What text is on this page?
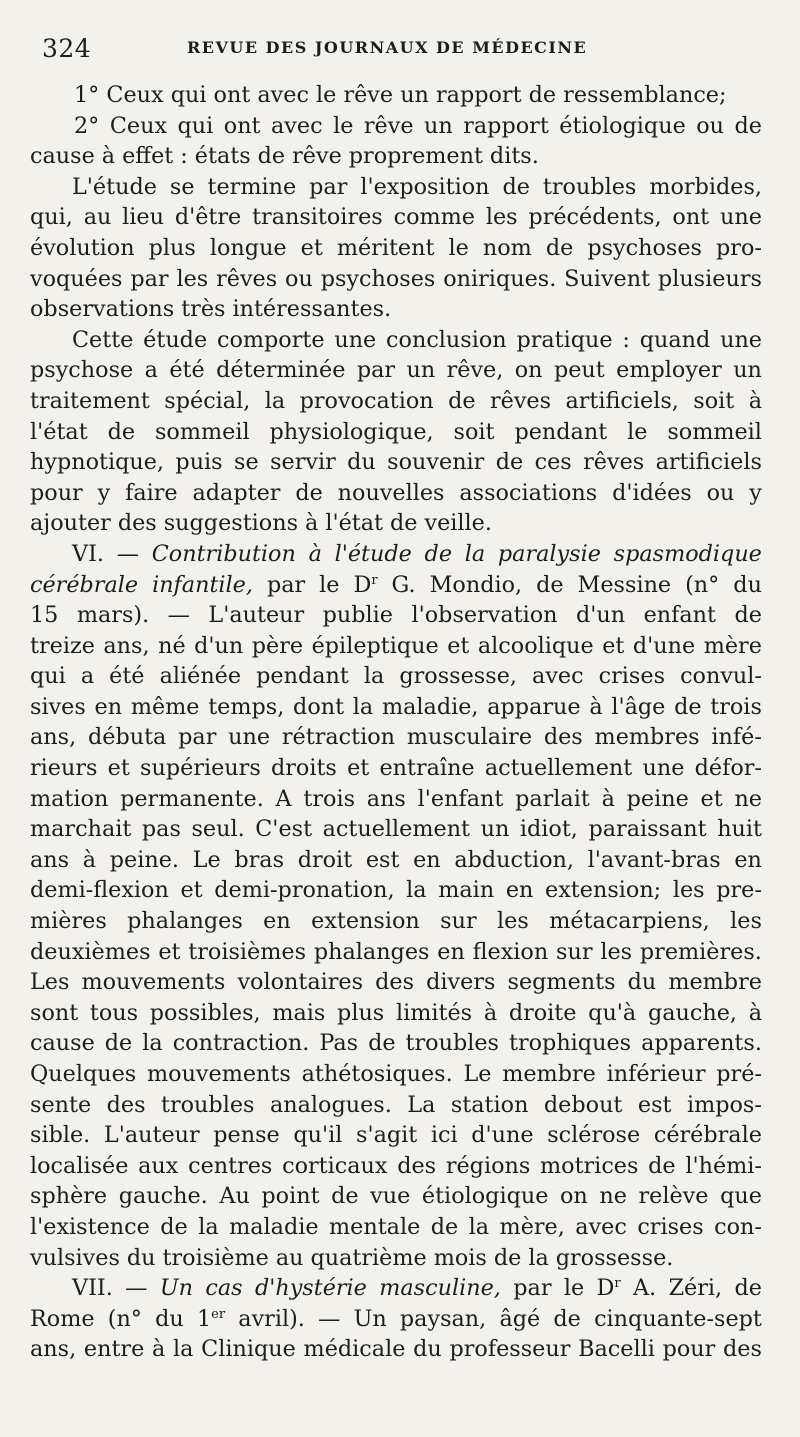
324	REVUE DES JOURNAUX DE MÉDECINE
1° Ceux qui ont avec le rêve un rapport de ressemblance;
2° Ceux qui ont avec le rêve un rapport étiologique ou de
cause à effet : états de rêve proprement dits.
L'étude se termine par l'exposition de troubles morbides,
qui, au lieu d'être transitoires comme les précédents, ont une
évolution plus longue et méritent le nom de psychoses pro-
voquées par les rêves ou psychoses oniriques. Suivent plusieurs
observations très intéressantes.
Cette étude comporte une conclusion pratique : quand une
psychose a été déterminée par un rêve, on peut employer un
traitement spécial, la provocation de rêves artificiels, soit à
l'état de sommeil physiologique, soit pendant le sommeil
hypnotique, puis se servir du souvenir de ces rêves artificiels
pour y faire adapter de nouvelles associations d'idées ou y
ajouter des suggestions à l'état de veille.
VI. — Contribution à l'étude de la paralysie spasmodique
cérébrale infantile, par le $D^r$ G. Mondio, de Messine (n° du
15 mars). — L'auteur publie l'observation d'un enfant de
treize ans, né d'un père épileptique et alcoolique et d'une mère
qui a été aliénée pendant la grossesse, avec crises convul-
sives en même temps, dont la maladie, apparue à l'âge de trois
ans, débuta par une rétraction musculaire des membres infé-
rieurs et supérieurs droits et entraîne actuellement une défor-
mation permanente. A trois ans l'enfant parlait à peine et ne
marchait pas seul. C'est actuellement un idiot, paraissant huit
ans à peine. Le bras droit est en abduction, l'avant-bras en
demi-flexion et demi-pronation, la main en extension; les pre-
mières phalanges en extension sur les métacarpiens, les
deuxièmes et troisièmes phalanges en flexion sur les premières.
Les mouvements volontaires des divers segments du membre
sont tous possibles, mais plus limités à droite qu'à gauche, à
cause de la contraction. Pas de troubles trophiques apparents.
Quelques mouvements athétosiques. Le membre inférieur pré-
sente des troubles analogues. La station debout est impos-
sible. L'auteur pense qu'il s'agit ici d'une sclérose cérébrale
localisée aux centres corticaux des régions motrices de l'hémi-
sphère gauche. Au point de vue étiologique on ne relève que
l'existence de la maladie mentale de la mère, avec crises con-
vulsives du troisième au quatrième mois de la grossesse.
VII. — Un cas d'hystérie masculine, par le $D^r$ A. Zéri, de
Rome (n° du 1er avril). — Un paysan, âgé de cinquante-sept
ans, entre à la Clinique médicale du professeur Bacelli pour des
